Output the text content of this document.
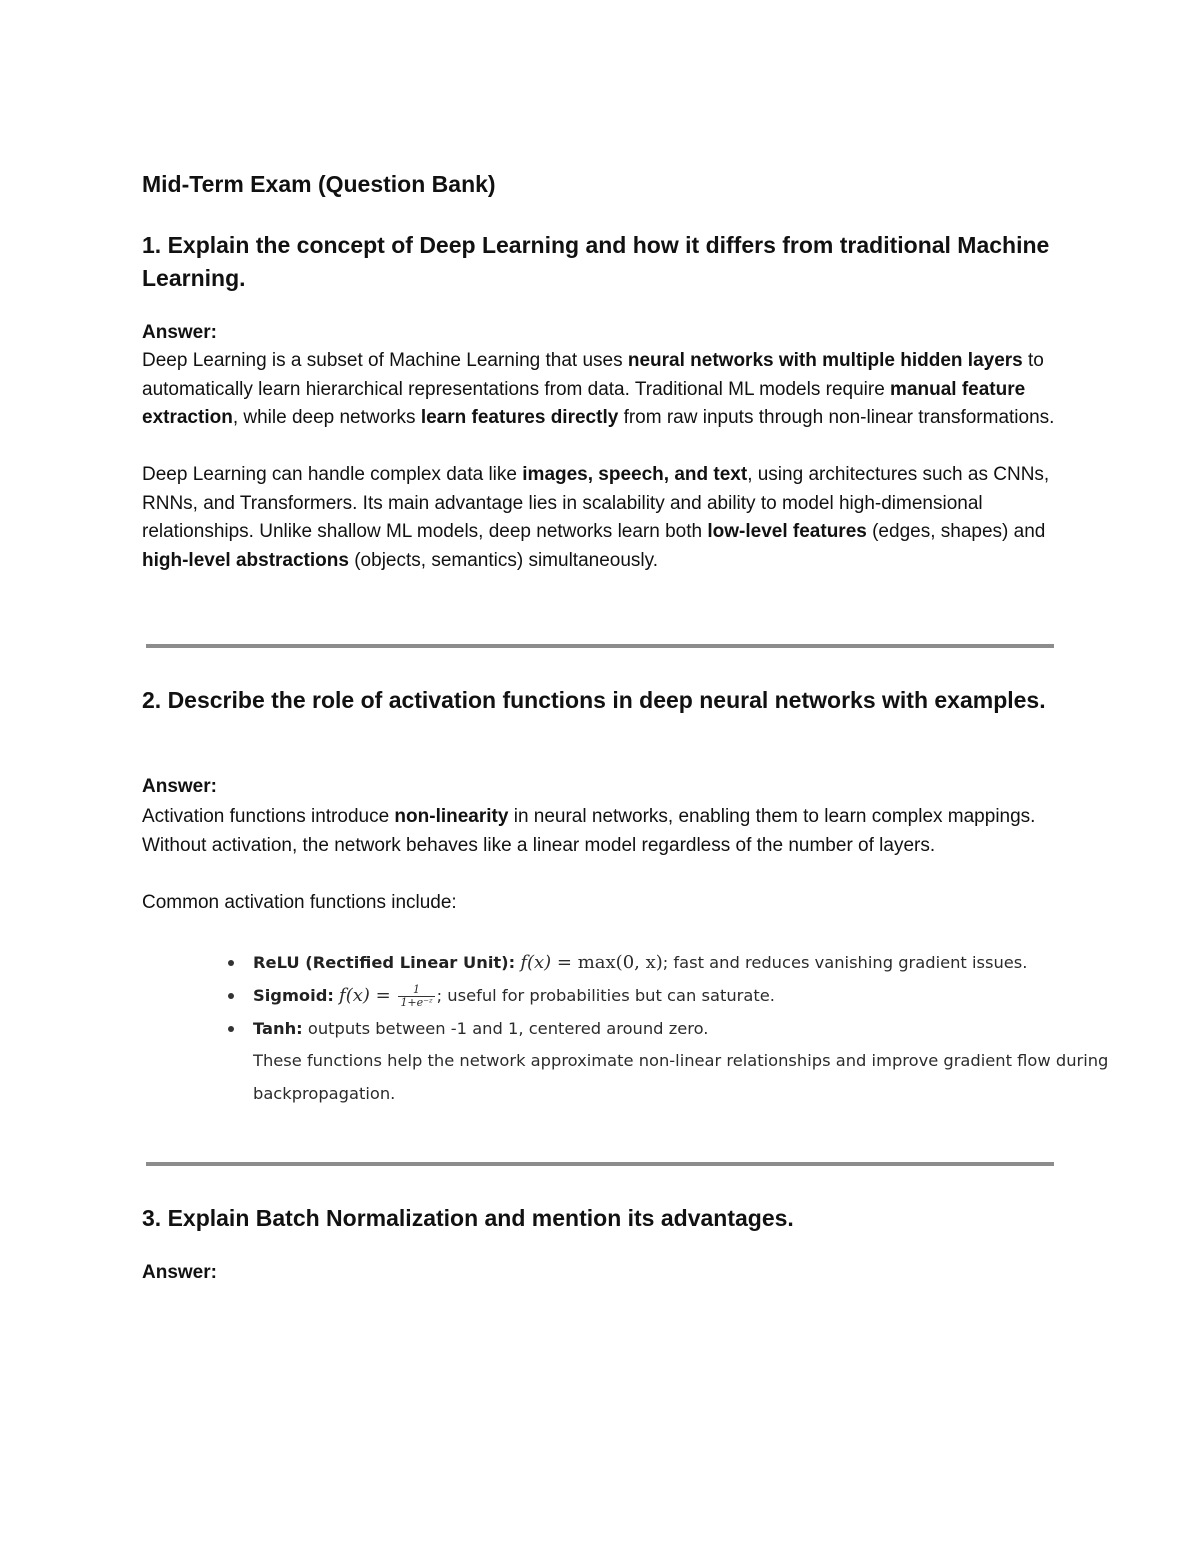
Mid-Term Exam (Question Bank)
1. Explain the concept of Deep Learning and how it differs from traditional Machine Learning.
Answer:

Deep Learning is a subset of Machine Learning that uses neural networks with multiple hidden layers to automatically learn hierarchical representations from data. Traditional ML models require manual feature extraction, while deep networks learn features directly from raw inputs through non-linear transformations.

Deep Learning can handle complex data like images, speech, and text, using architectures such as CNNs, RNNs, and Transformers. Its main advantage lies in scalability and ability to model high-dimensional relationships. Unlike shallow ML models, deep networks learn both low-level features (edges, shapes) and high-level abstractions (objects, semantics) simultaneously.

2. Describe the role of activation functions in deep neural networks with examples.
Answer:

Activation functions introduce non-linearity in neural networks, enabling them to learn complex mappings. Without activation, the network behaves like a linear model regardless of the number of layers.

Common activation functions include:

ReLU (Rectified Linear Unit): f(x) = max(0, x); fast and reduces vanishing gradient issues.
Sigmoid: $f(x) = \frac{1}{\text{1+e⁻ᶻ}}$ ; useful for probabilities but can saturate.
Tanh: outputs between -1 and 1, centered around zero.

These functions help the network approximate non-linear relationships and improve gradient flow during backpropagation.

3. Explain Batch Normalization and mention its advantages.
Answer:
